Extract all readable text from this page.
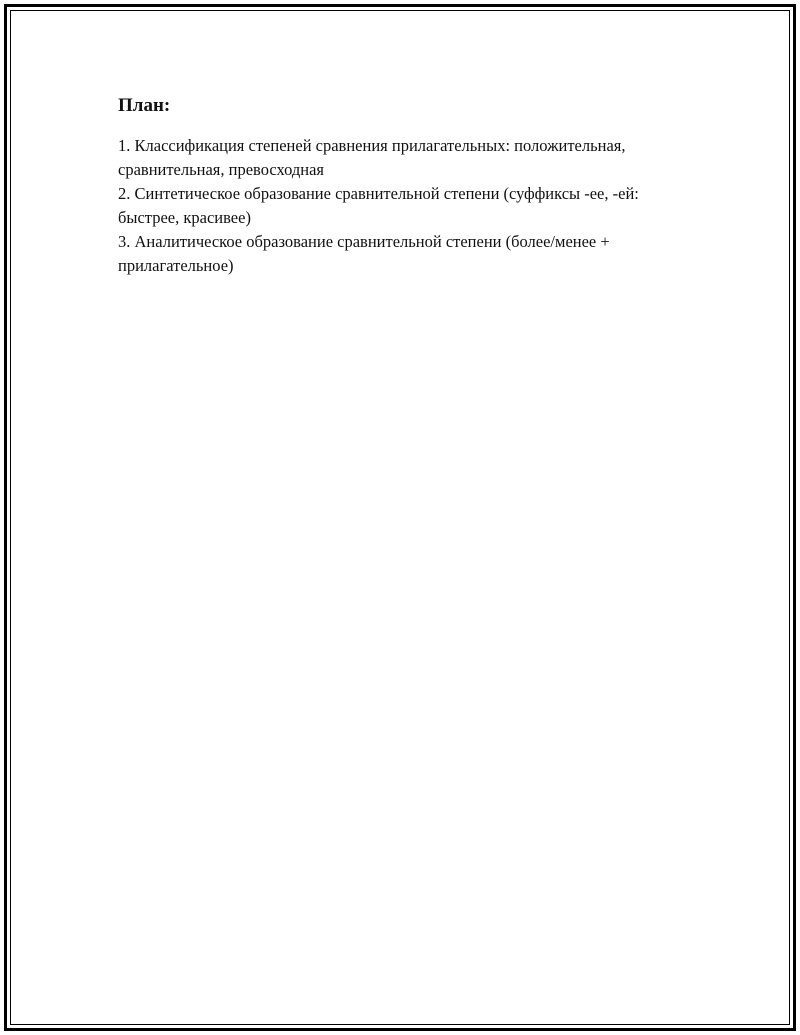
План:
1. Классификация степеней сравнения прилагательных: положительная, сравнительная, превосходная
2. Синтетическое образование сравнительной степени (суффиксы -ее, -ей: быстрее, красивее)
3. Аналитическое образование сравнительной степени (более/менее + прилагательное)
